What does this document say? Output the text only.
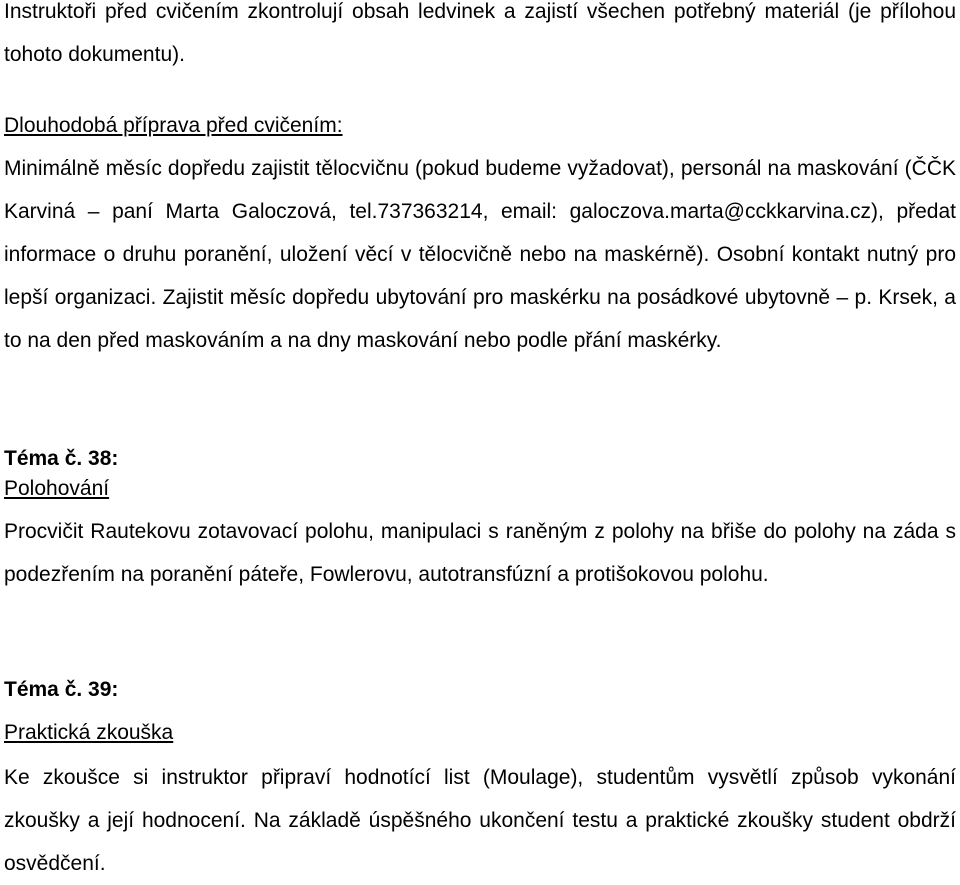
Instruktoři před cvičením zkontrolují obsah ledvinek a zajistí všechen potřebný materiál (je přílohou tohoto dokumentu).
Dlouhodobá příprava před cvičením:
Minimálně měsíc dopředu zajistit tělocvičnu (pokud budeme vyžadovat), personál na maskování (ČČK Karviná – paní Marta Galoczová, tel.737363214, email: galoczova.marta@cckkarvina.cz), předat informace o druhu poranění, uložení věcí v tělocvičně nebo na maskérně). Osobní kontakt nutný pro lepší organizaci. Zajistit měsíc dopředu ubytování pro maskérku na posádkové ubytovně – p. Krsek, a to na den před maskováním a na dny maskování nebo podle přání maskérky.
Téma č. 38:
Polohování
Procvičit Rautekovu zotavovací polohu, manipulaci s raněným z polohy na břiše do polohy na záda s podezřením na poranění páteře, Fowlerovu, autotransfúzní a protišokovou polohu.
Téma č. 39:
Praktická zkouška
Ke zkoušce si instruktor připraví hodnotící list (Moulage), studentům vysvětlí způsob vykonání zkoušky a její hodnocení. Na základě úspěšného ukončení testu a praktické zkoušky student obdrží osvědčení.
